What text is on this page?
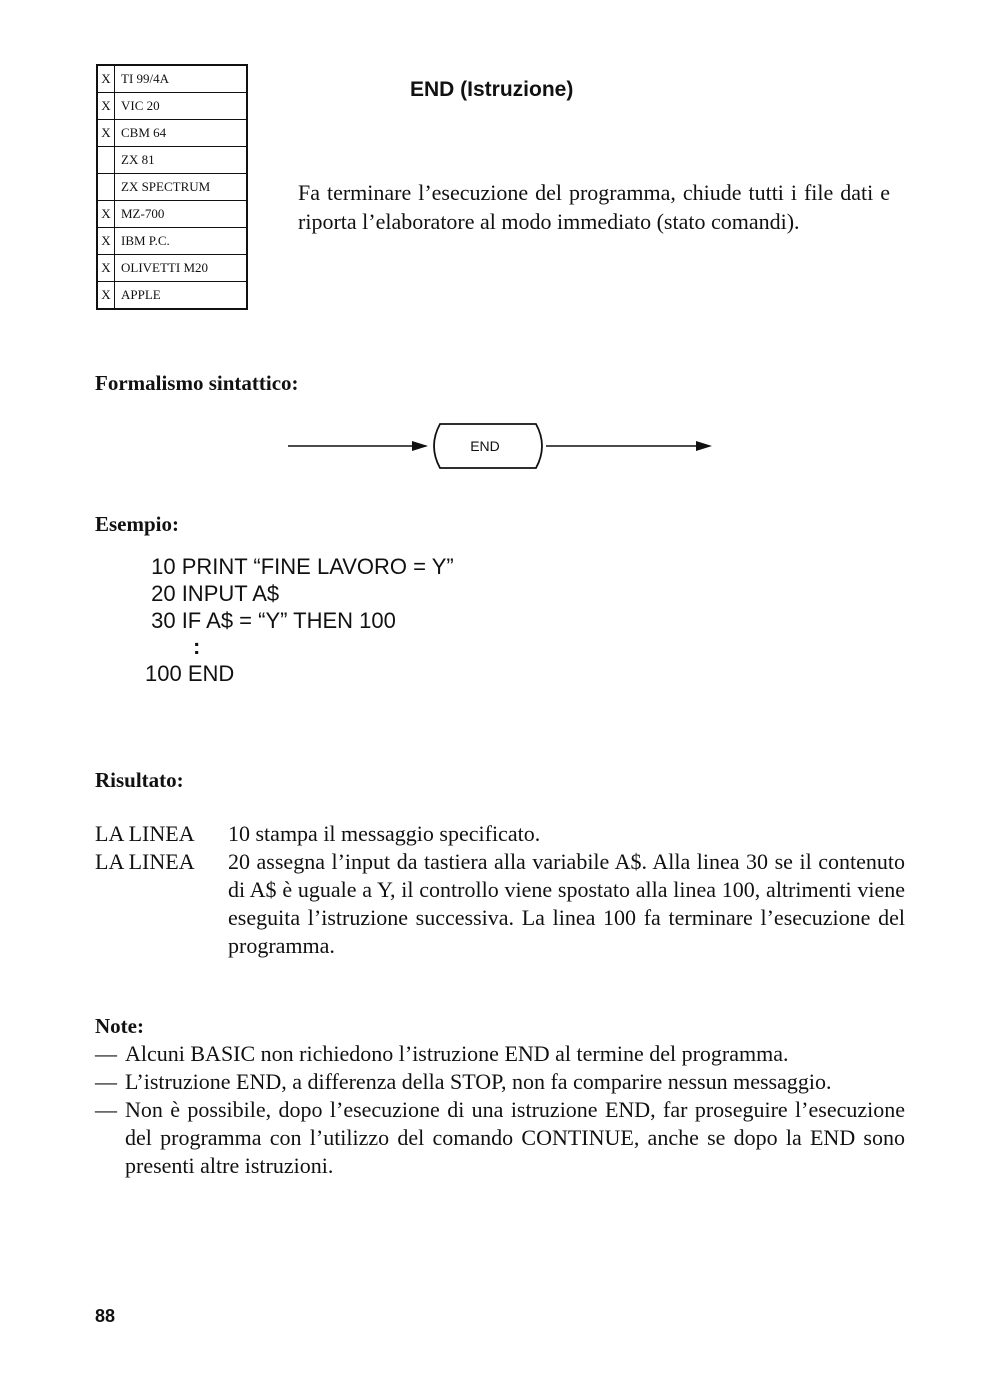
X	TI 99/4A
X	VIC 20
X	CBM 64
	ZX 81
	ZX SPECTRUM
X	MZ-700
X	IBM P.C.
X	OLIVETTI M20
X	APPLE
END (Istruzione)

Fa terminare l’esecuzione del programma, chiude tutti i file dati e riporta l’elaboratore al modo immediato (stato comandi).

Formalismo sintattico:
END
Esempio:
10 PRINT “FINE LAVORO = Y”
20 INPUT A$
30 IF A$ = “Y” THEN 100
:
100 END
Risultato:
LA LINEA	10 stampa il messaggio specificato.
LA LINEA	20 assegna l’input da tastiera alla variabile A$. Alla linea 30 se il contenuto di A$ è uguale a Y, il controllo viene spostato alla linea 100, altrimenti viene eseguita l’istruzione successiva. La linea 100 fa terminare l’esecuzione del programma.
Note:
— Alcuni BASIC non richiedono l’istruzione END al termine del programma.
— L’istruzione END, a differenza della STOP, non fa comparire nessun messaggio.
— Non è possibile, dopo l’esecuzione di una istruzione END, far proseguire l’esecuzione del programma con l’utilizzo del comando CONTINUE, anche se dopo la END sono presenti altre istruzioni.
88
